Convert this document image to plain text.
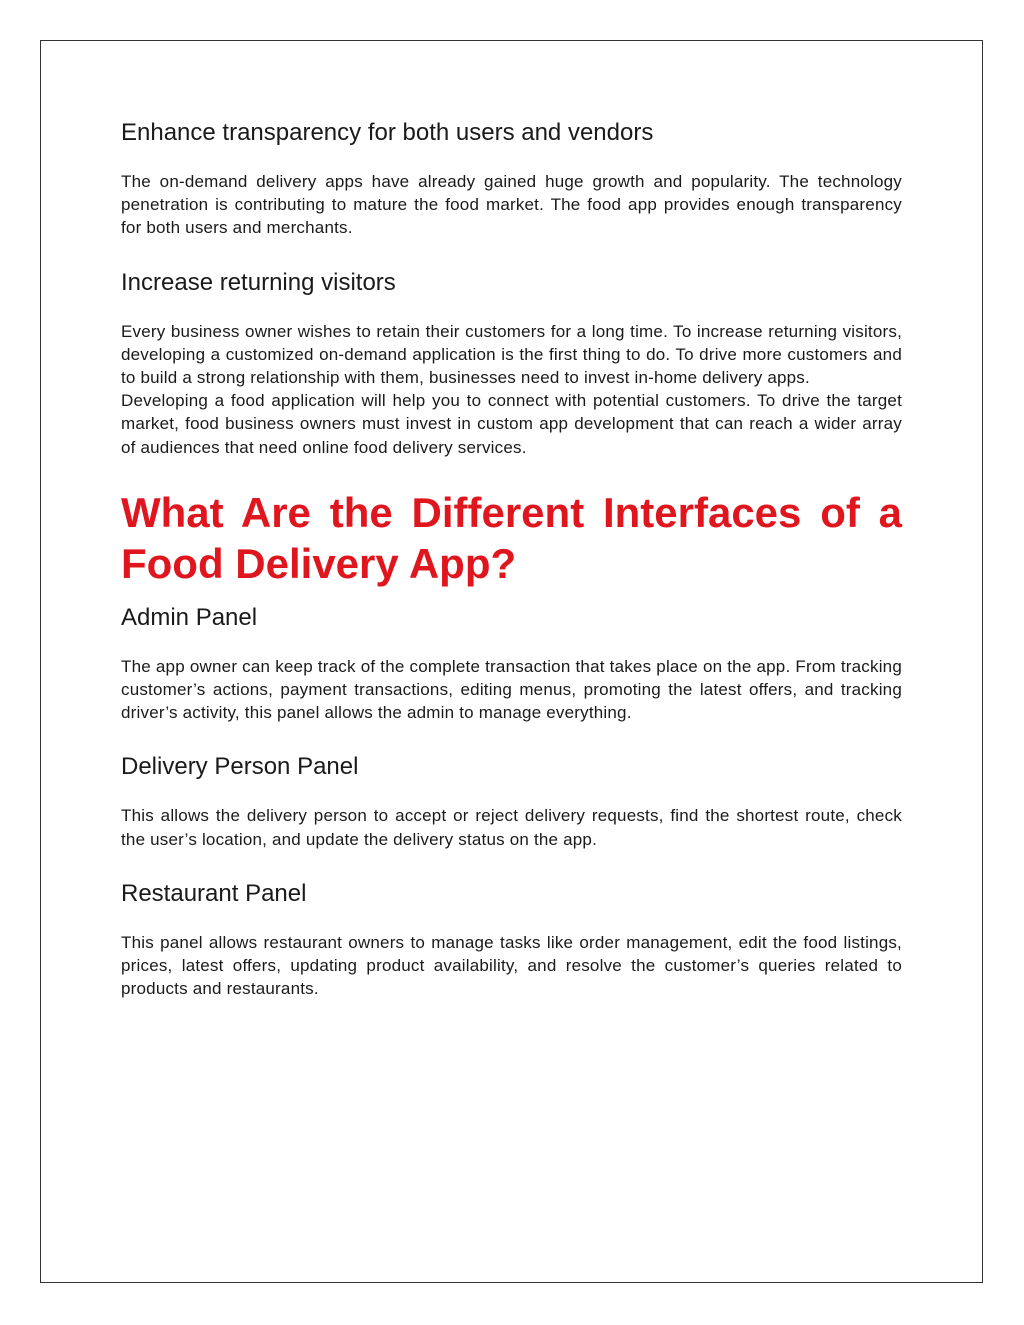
Enhance transparency for both users and vendors

The on-demand delivery apps have already gained huge growth and popularity. The technology penetration is contributing to mature the food market. The food app provides enough transparency for both users and merchants.

Increase returning visitors

Every business owner wishes to retain their customers for a long time. To increase returning visitors, developing a customized on-demand application is the first thing to do. To drive more customers and to build a strong relationship with them, businesses need to invest in-home delivery apps.

Developing a food application will help you to connect with potential customers. To drive the target market, food business owners must invest in custom app development that can reach a wider array of audiences that need online food delivery services.

What Are the Different Interfaces of a Food Delivery App?
Admin Panel

The app owner can keep track of the complete transaction that takes place on the app. From tracking customer’s actions, payment transactions, editing menus, promoting the latest offers, and tracking driver’s activity, this panel allows the admin to manage everything.

Delivery Person Panel

This allows the delivery person to accept or reject delivery requests, find the shortest route, check the user’s location, and update the delivery status on the app.

Restaurant Panel

This panel allows restaurant owners to manage tasks like order management, edit the food listings, prices, latest offers, updating product availability, and resolve the customer’s queries related to products and restaurants.
